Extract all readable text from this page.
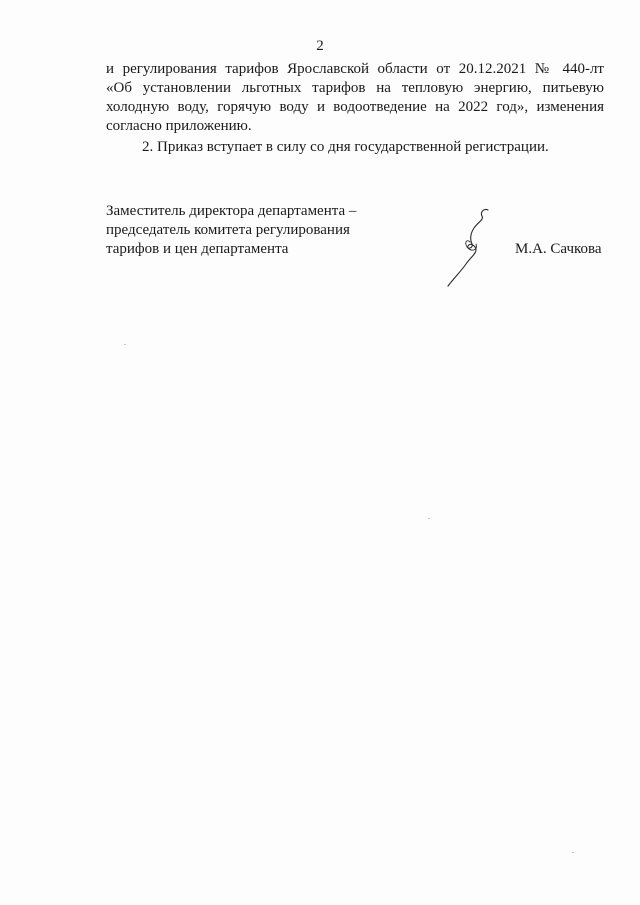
2

и регулирования тарифов Ярославской области от 20.12.2021 № 440-лт
«Об установлении льготных тарифов на тепловую энергию, питьевую
холодную воду, горячую воду и водоотведение на 2022 год», изменения
согласно приложению.

2. Приказ вступает в силу со дня государственной регистрации.

Заместитель директора департамента –
председатель комитета регулирования
тарифов и цен департамента	М.А. Сачкова
